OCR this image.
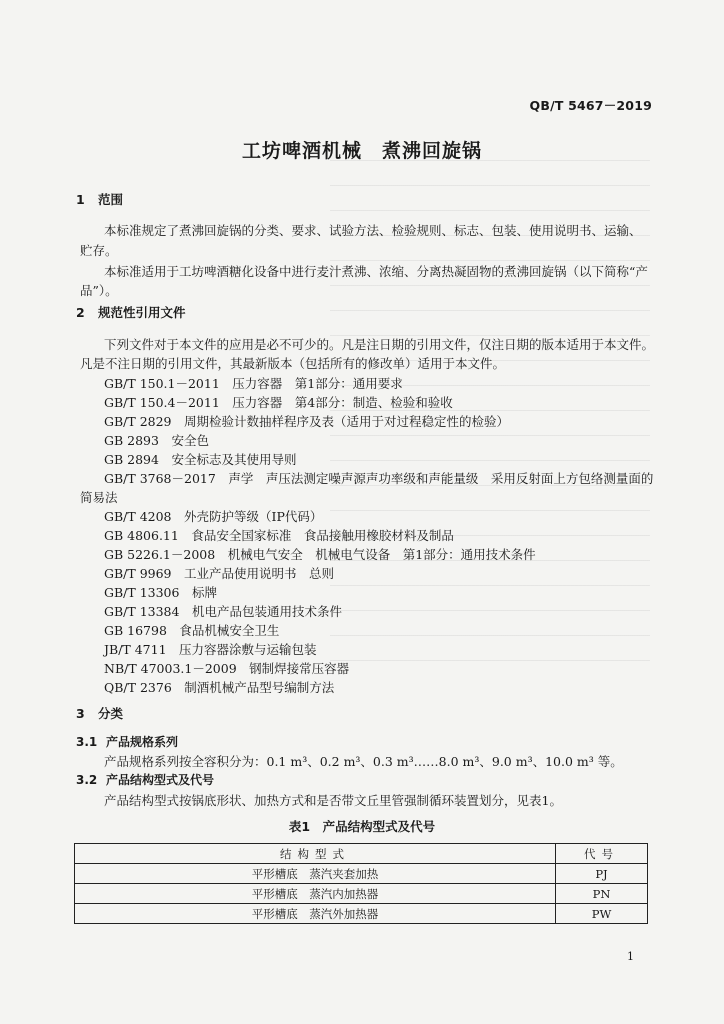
QB/T 5467－2019
工坊啤酒机械　煮沸回旋锅
1 范围
本标准规定了煮沸回旋锅的分类、要求、试验方法、检验规则、标志、包装、使用说明书、运输、
贮存。
本标准适用于工坊啤酒糖化设备中进行麦汁煮沸、浓缩、分离热凝固物的煮沸回旋锅（以下简称“产
品”）。
2 规范性引用文件
下列文件对于本文件的应用是必不可少的。凡是注日期的引用文件，仅注日期的版本适用于本文件。
凡是不注日期的引用文件，其最新版本（包括所有的修改单）适用于本文件。
GB/T 150.1－2011　压力容器　第1部分：通用要求
GB/T 150.4－2011　压力容器　第4部分：制造、检验和验收
GB/T 2829　周期检验计数抽样程序及表（适用于对过程稳定性的检验）
GB 2893　安全色
GB 2894　安全标志及其使用导则
GB/T 3768－2017　声学　声压法测定噪声源声功率级和声能量级　采用反射面上方包络测量面的
简易法
GB/T 4208　外壳防护等级（IP代码）
GB 4806.11　食品安全国家标准　食品接触用橡胶材料及制品
GB 5226.1－2008　机械电气安全　机械电气设备　第1部分：通用技术条件
GB/T 9969　工业产品使用说明书　总则
GB/T 13306　标牌
GB/T 13384　机电产品包装通用技术条件
GB 16798　食品机械安全卫生
JB/T 4711　压力容器涂敷与运输包装
NB/T 47003.1－2009　钢制焊接常压容器
QB/T 2376　制酒机械产品型号编制方法
3 分类
3.1 产品规格系列
产品规格系列按全容积分为：0.1 m³、0.2 m³、0.3 m³……8.0 m³、9.0 m³、10.0 m³ 等。
3.2 产品结构型式及代号
产品结构型式按锅底形状、加热方式和是否带文丘里管强制循环装置划分，见表1。
表1　产品结构型式及代号
结构型式	代号
平形槽底　蒸汽夹套加热	PJ
平形槽底　蒸汽内加热器	PN
平形槽底　蒸汽外加热器	PW
1
